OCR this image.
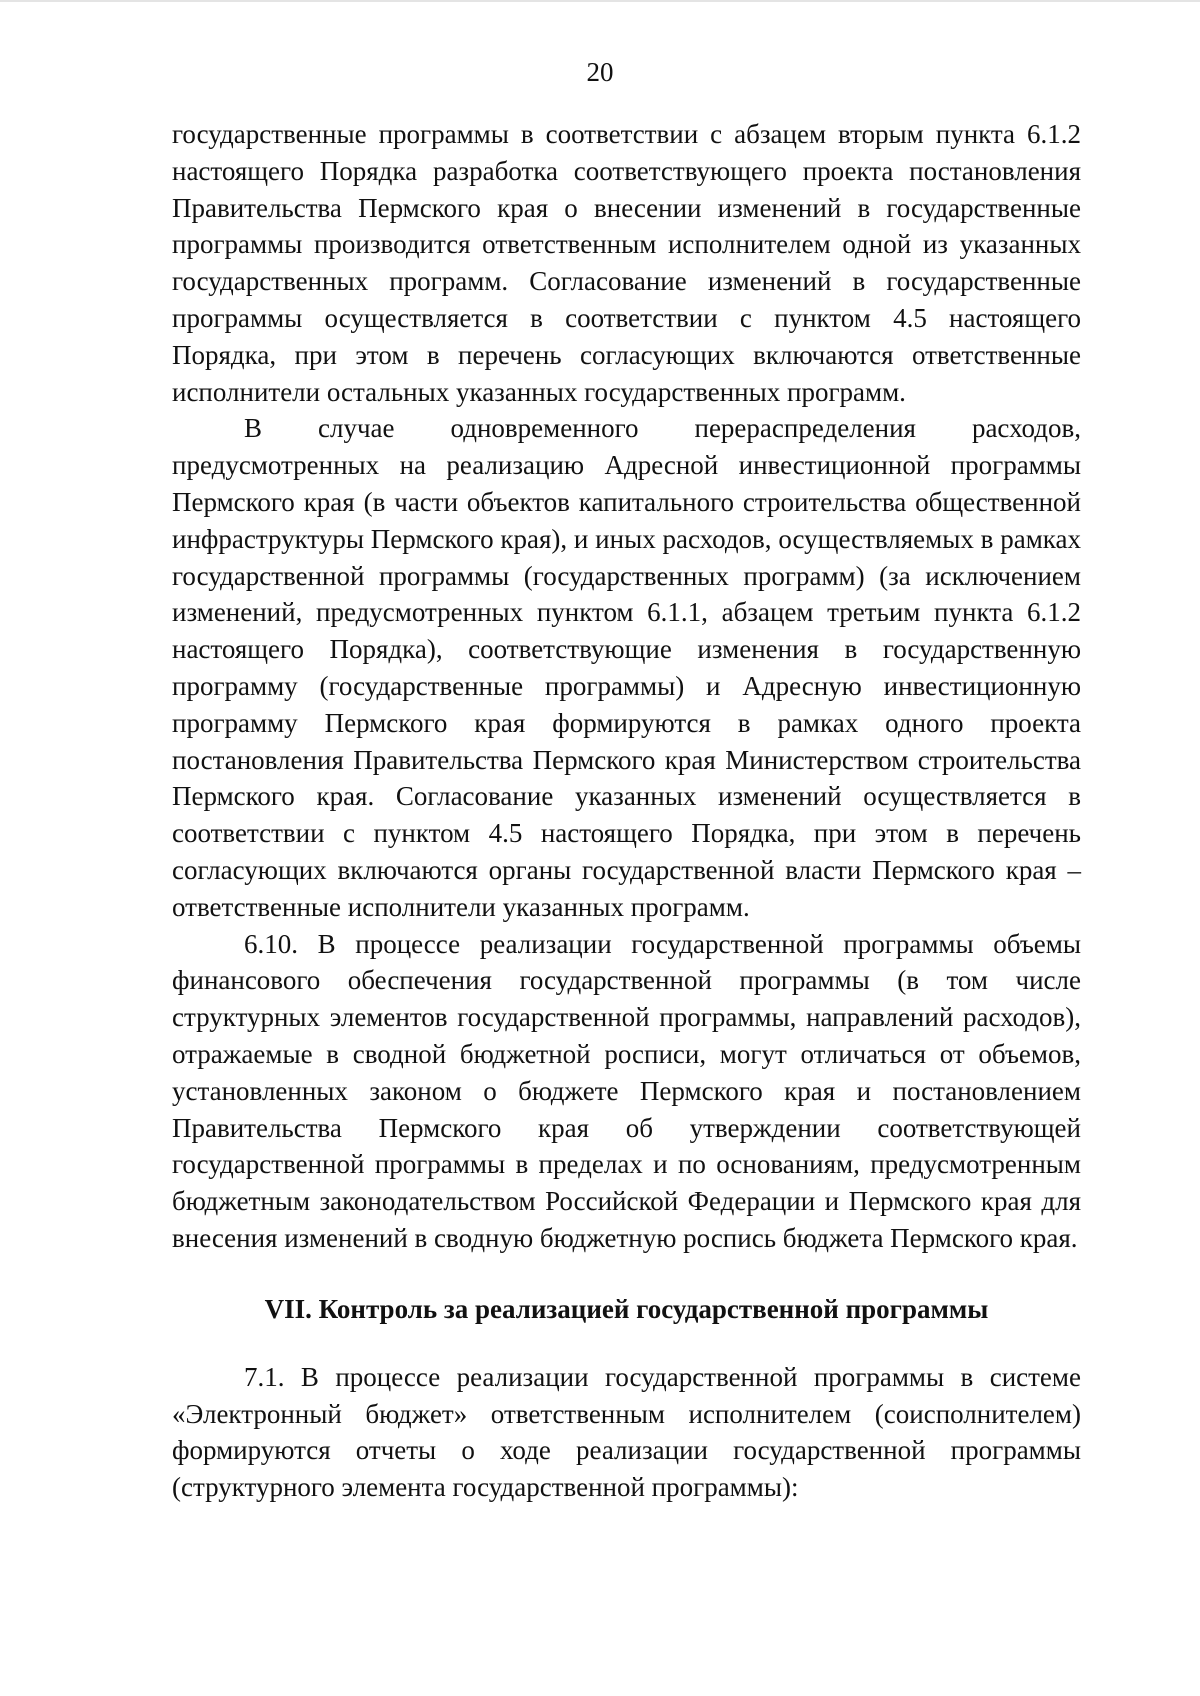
20

государственные программы в соответствии с абзацем вторым пункта 6.1.2 настоящего Порядка разработка соответствующего проекта постановления Правительства Пермского края о внесении изменений в государственные программы производится ответственным исполнителем одной из указанных государственных программ. Согласование изменений в государственные программы осуществляется в соответствии с пунктом 4.5 настоящего Порядка, при этом в перечень согласующих включаются ответственные исполнители остальных указанных государственных программ.

В случае одновременного перераспределения расходов, предусмотренных на реализацию Адресной инвестиционной программы Пермского края (в части объектов капитального строительства общественной инфраструктуры Пермского края), и иных расходов, осуществляемых в рамках государственной программы (государственных программ) (за исключением изменений, предусмотренных пунктом 6.1.1, абзацем третьим пункта 6.1.2 настоящего Порядка), соответствующие изменения в государственную программу (государственные программы) и Адресную инвестиционную программу Пермского края формируются в рамках одного проекта постановления Правительства Пермского края Министерством строительства Пермского края. Согласование указанных изменений осуществляется в соответствии с пунктом 4.5 настоящего Порядка, при этом в перечень согласующих включаются органы государственной власти Пермского края – ответственные исполнители указанных программ.

6.10. В процессе реализации государственной программы объемы финансового обеспечения государственной программы (в том числе структурных элементов государственной программы, направлений расходов), отражаемые в сводной бюджетной росписи, могут отличаться от объемов, установленных законом о бюджете Пермского края и постановлением Правительства Пермского края об утверждении соответствующей государственной программы в пределах и по основаниям, предусмотренным бюджетным законодательством Российской Федерации и Пермского края для внесения изменений в сводную бюджетную роспись бюджета Пермского края.

VII. Контроль за реализацией государственной программы

7.1. В процессе реализации государственной программы в системе «Электронный бюджет» ответственным исполнителем (соисполнителем) формируются отчеты о ходе реализации государственной программы (структурного элемента государственной программы):
